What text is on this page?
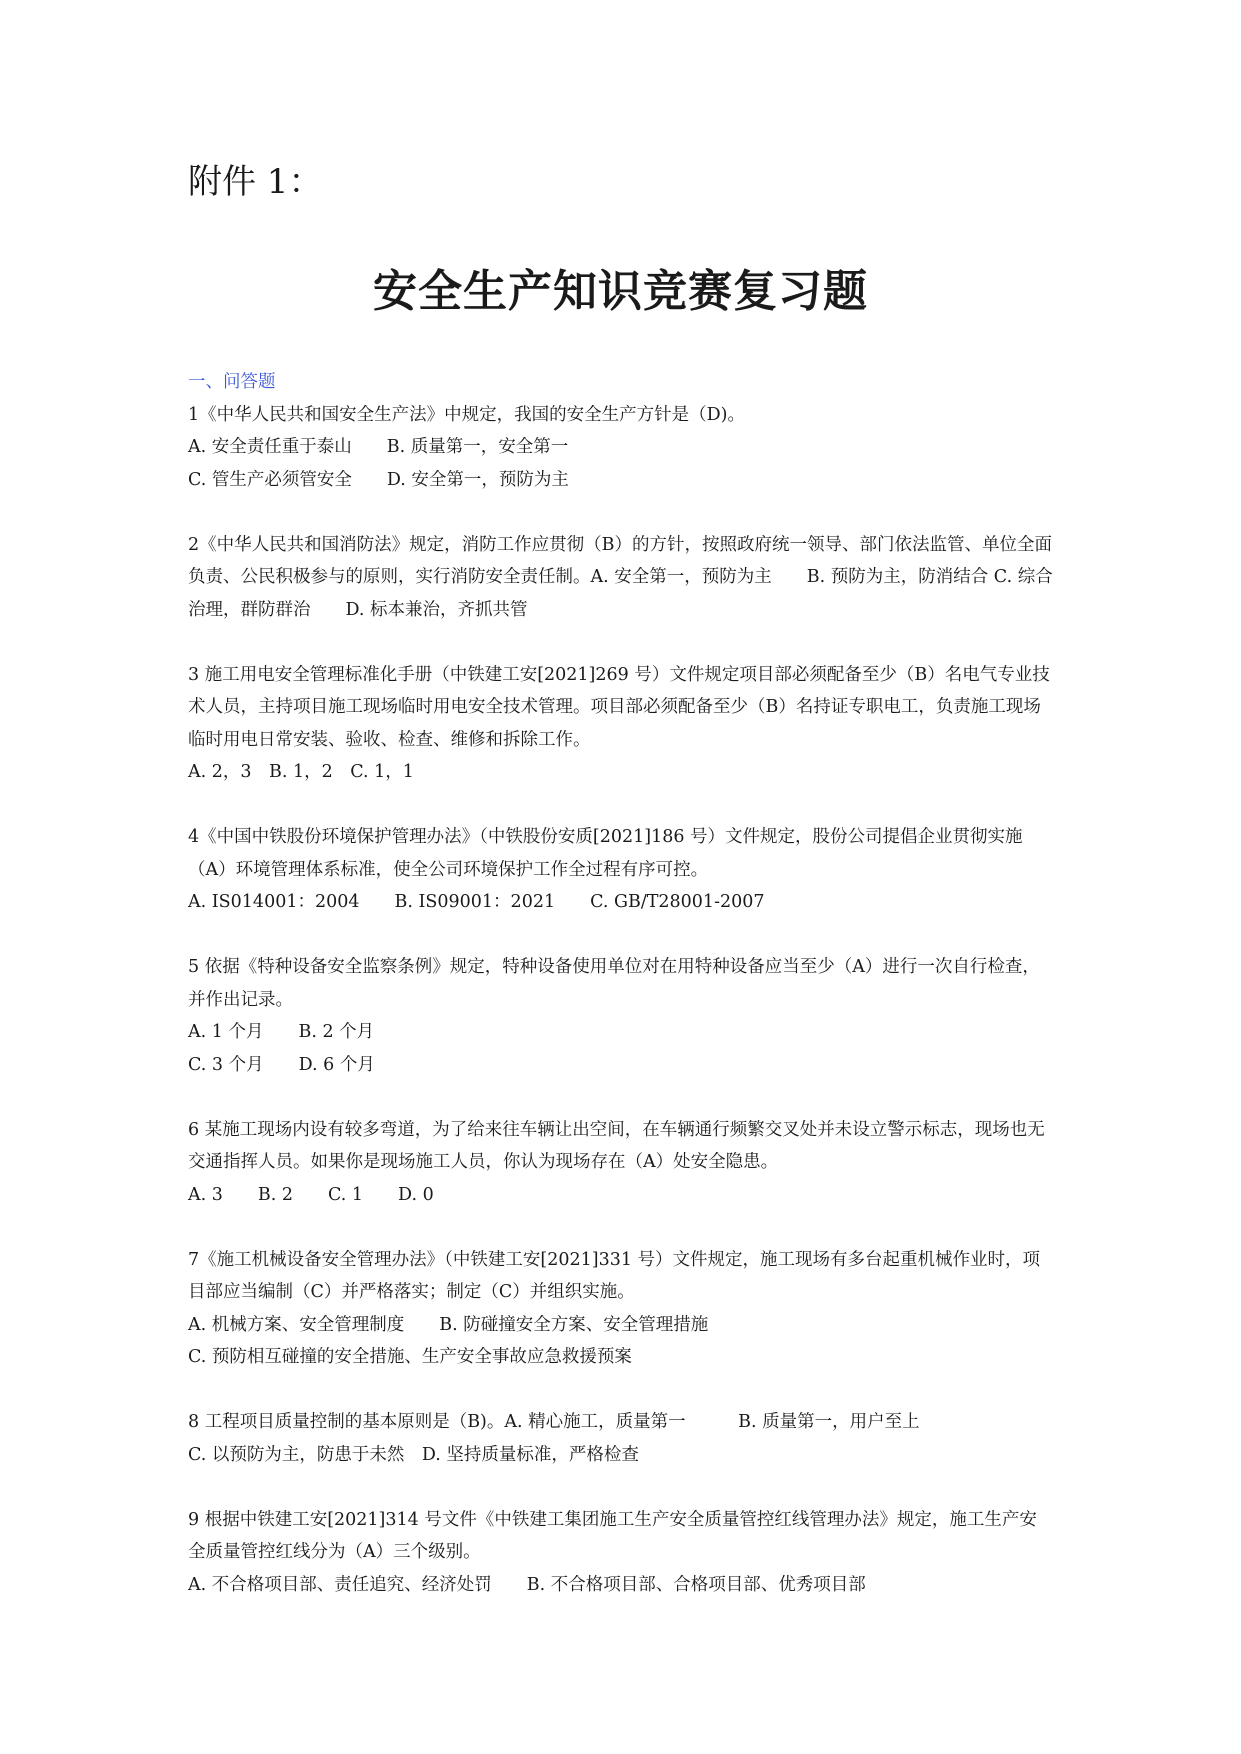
附件 1：
安全生产知识竞赛复习题

一、问答题

1《中华人民共和国安全生产法》中规定，我国的安全生产方针是（D)。

A. 安全责任重于泰山　　B. 质量第一，安全第一

C. 管生产必须管安全　　D. 安全第一，预防为主

2《中华人民共和国消防法》规定，消防工作应贯彻（B）的方针，按照政府统一领导、部门依法监管、单位全面负责、公民积极参与的原则，实行消防安全责任制。A. 安全第一，预防为主　　B. 预防为主，防消结合 C. 综合治理，群防群治　　D. 标本兼治，齐抓共管

3 施工用电安全管理标准化手册（中铁建工安[2021]269 号）文件规定项目部必须配备至少（B）名电气专业技术人员，主持项目施工现场临时用电安全技术管理。项目部必须配备至少（B）名持证专职电工，负责施工现场临时用电日常安装、验收、检查、维修和拆除工作。

A. 2，3　B. 1，2　C. 1，1

4《中国中铁股份环境保护管理办法》（中铁股份安质[2021]186 号）文件规定，股份公司提倡企业贯彻实施（A）环境管理体系标准，使全公司环境保护工作全过程有序可控。

A. IS014001：2004　　B. IS09001：2021　　C. GB/T28001-2007

5 依据《特种设备安全监察条例》规定，特种设备使用单位对在用特种设备应当至少（A）进行一次自行检查，并作出记录。

A. 1 个月　　B. 2 个月

C. 3 个月　　D. 6 个月

6 某施工现场内设有较多弯道，为了给来往车辆让出空间，在车辆通行频繁交叉处并未设立警示标志，现场也无交通指挥人员。如果你是现场施工人员，你认为现场存在（A）处安全隐患。

A. 3　　B. 2　　C. 1　　D. 0

7《施工机械设备安全管理办法》（中铁建工安[2021]331 号）文件规定，施工现场有多台起重机械作业时，项目部应当编制（C）并严格落实；制定（C）并组织实施。

A. 机械方案、安全管理制度　　B. 防碰撞安全方案、安全管理措施

C. 预防相互碰撞的安全措施、生产安全事故应急救援预案

8 工程项目质量控制的基本原则是（B)。A. 精心施工，质量第一　　　B. 质量第一，用户至上

C. 以预防为主，防患于未然　D. 坚持质量标准，严格检查

9 根据中铁建工安[2021]314 号文件《中铁建工集团施工生产安全质量管控红线管理办法》规定，施工生产安全质量管控红线分为（A）三个级别。

A. 不合格项目部、责任追究、经济处罚　　B. 不合格项目部、合格项目部、优秀项目部
